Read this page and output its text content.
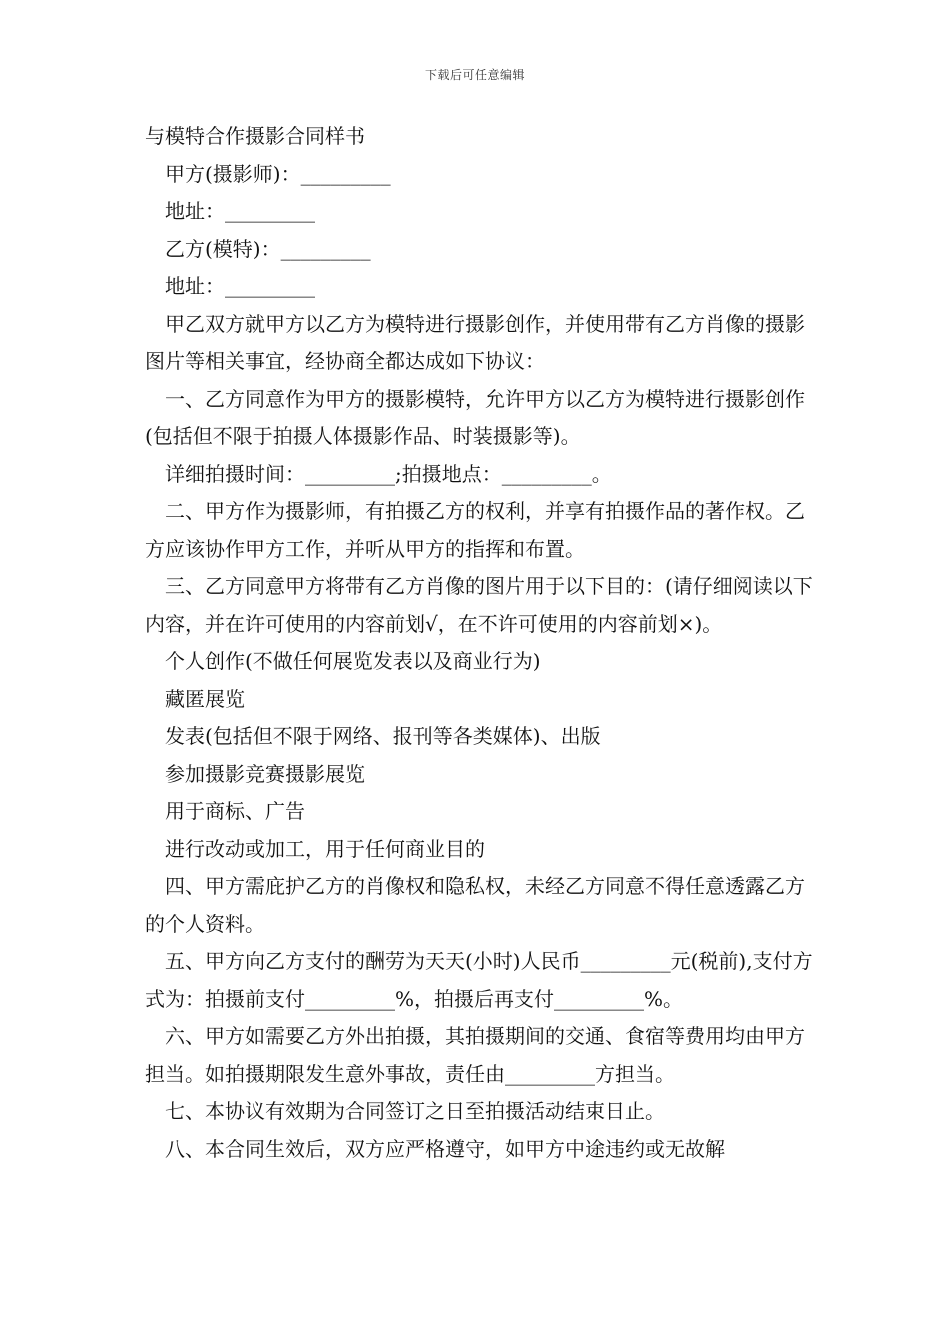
下载后可任意编辑

与模特合作摄影合同样书

甲方(摄影师)：_________

地址：_________

乙方(模特)：_________

地址：_________

甲乙双方就甲方以乙方为模特进行摄影创作，并使用带有乙方肖像的摄影图片等相关事宜，经协商全都达成如下协议：

一、乙方同意作为甲方的摄影模特，允许甲方以乙方为模特进行摄影创作(包括但不限于拍摄人体摄影作品、时装摄影等)。

详细拍摄时间：_________;拍摄地点：_________。

二、甲方作为摄影师，有拍摄乙方的权利，并享有拍摄作品的著作权。乙方应该协作甲方工作，并听从甲方的指挥和布置。

三、乙方同意甲方将带有乙方肖像的图片用于以下目的：(请仔细阅读以下内容，并在许可使用的内容前划√，在不许可使用的内容前划×)。

个人创作(不做任何展览发表以及商业行为)

藏匿展览

发表(包括但不限于网络、报刊等各类媒体)、出版

参加摄影竞赛摄影展览

用于商标、广告

进行改动或加工，用于任何商业目的

四、甲方需庇护乙方的肖像权和隐私权，未经乙方同意不得任意透露乙方的个人资料。

五、甲方向乙方支付的酬劳为天天(小时)人民币_________元(税前),支付方式为：拍摄前支付_________%，拍摄后再支付_________%。

六、甲方如需要乙方外出拍摄，其拍摄期间的交通、食宿等费用均由甲方担当。如拍摄期限发生意外事故，责任由_________方担当。

七、本协议有效期为合同签订之日至拍摄活动结束日止。

八、本合同生效后，双方应严格遵守，如甲方中途违约或无故解
